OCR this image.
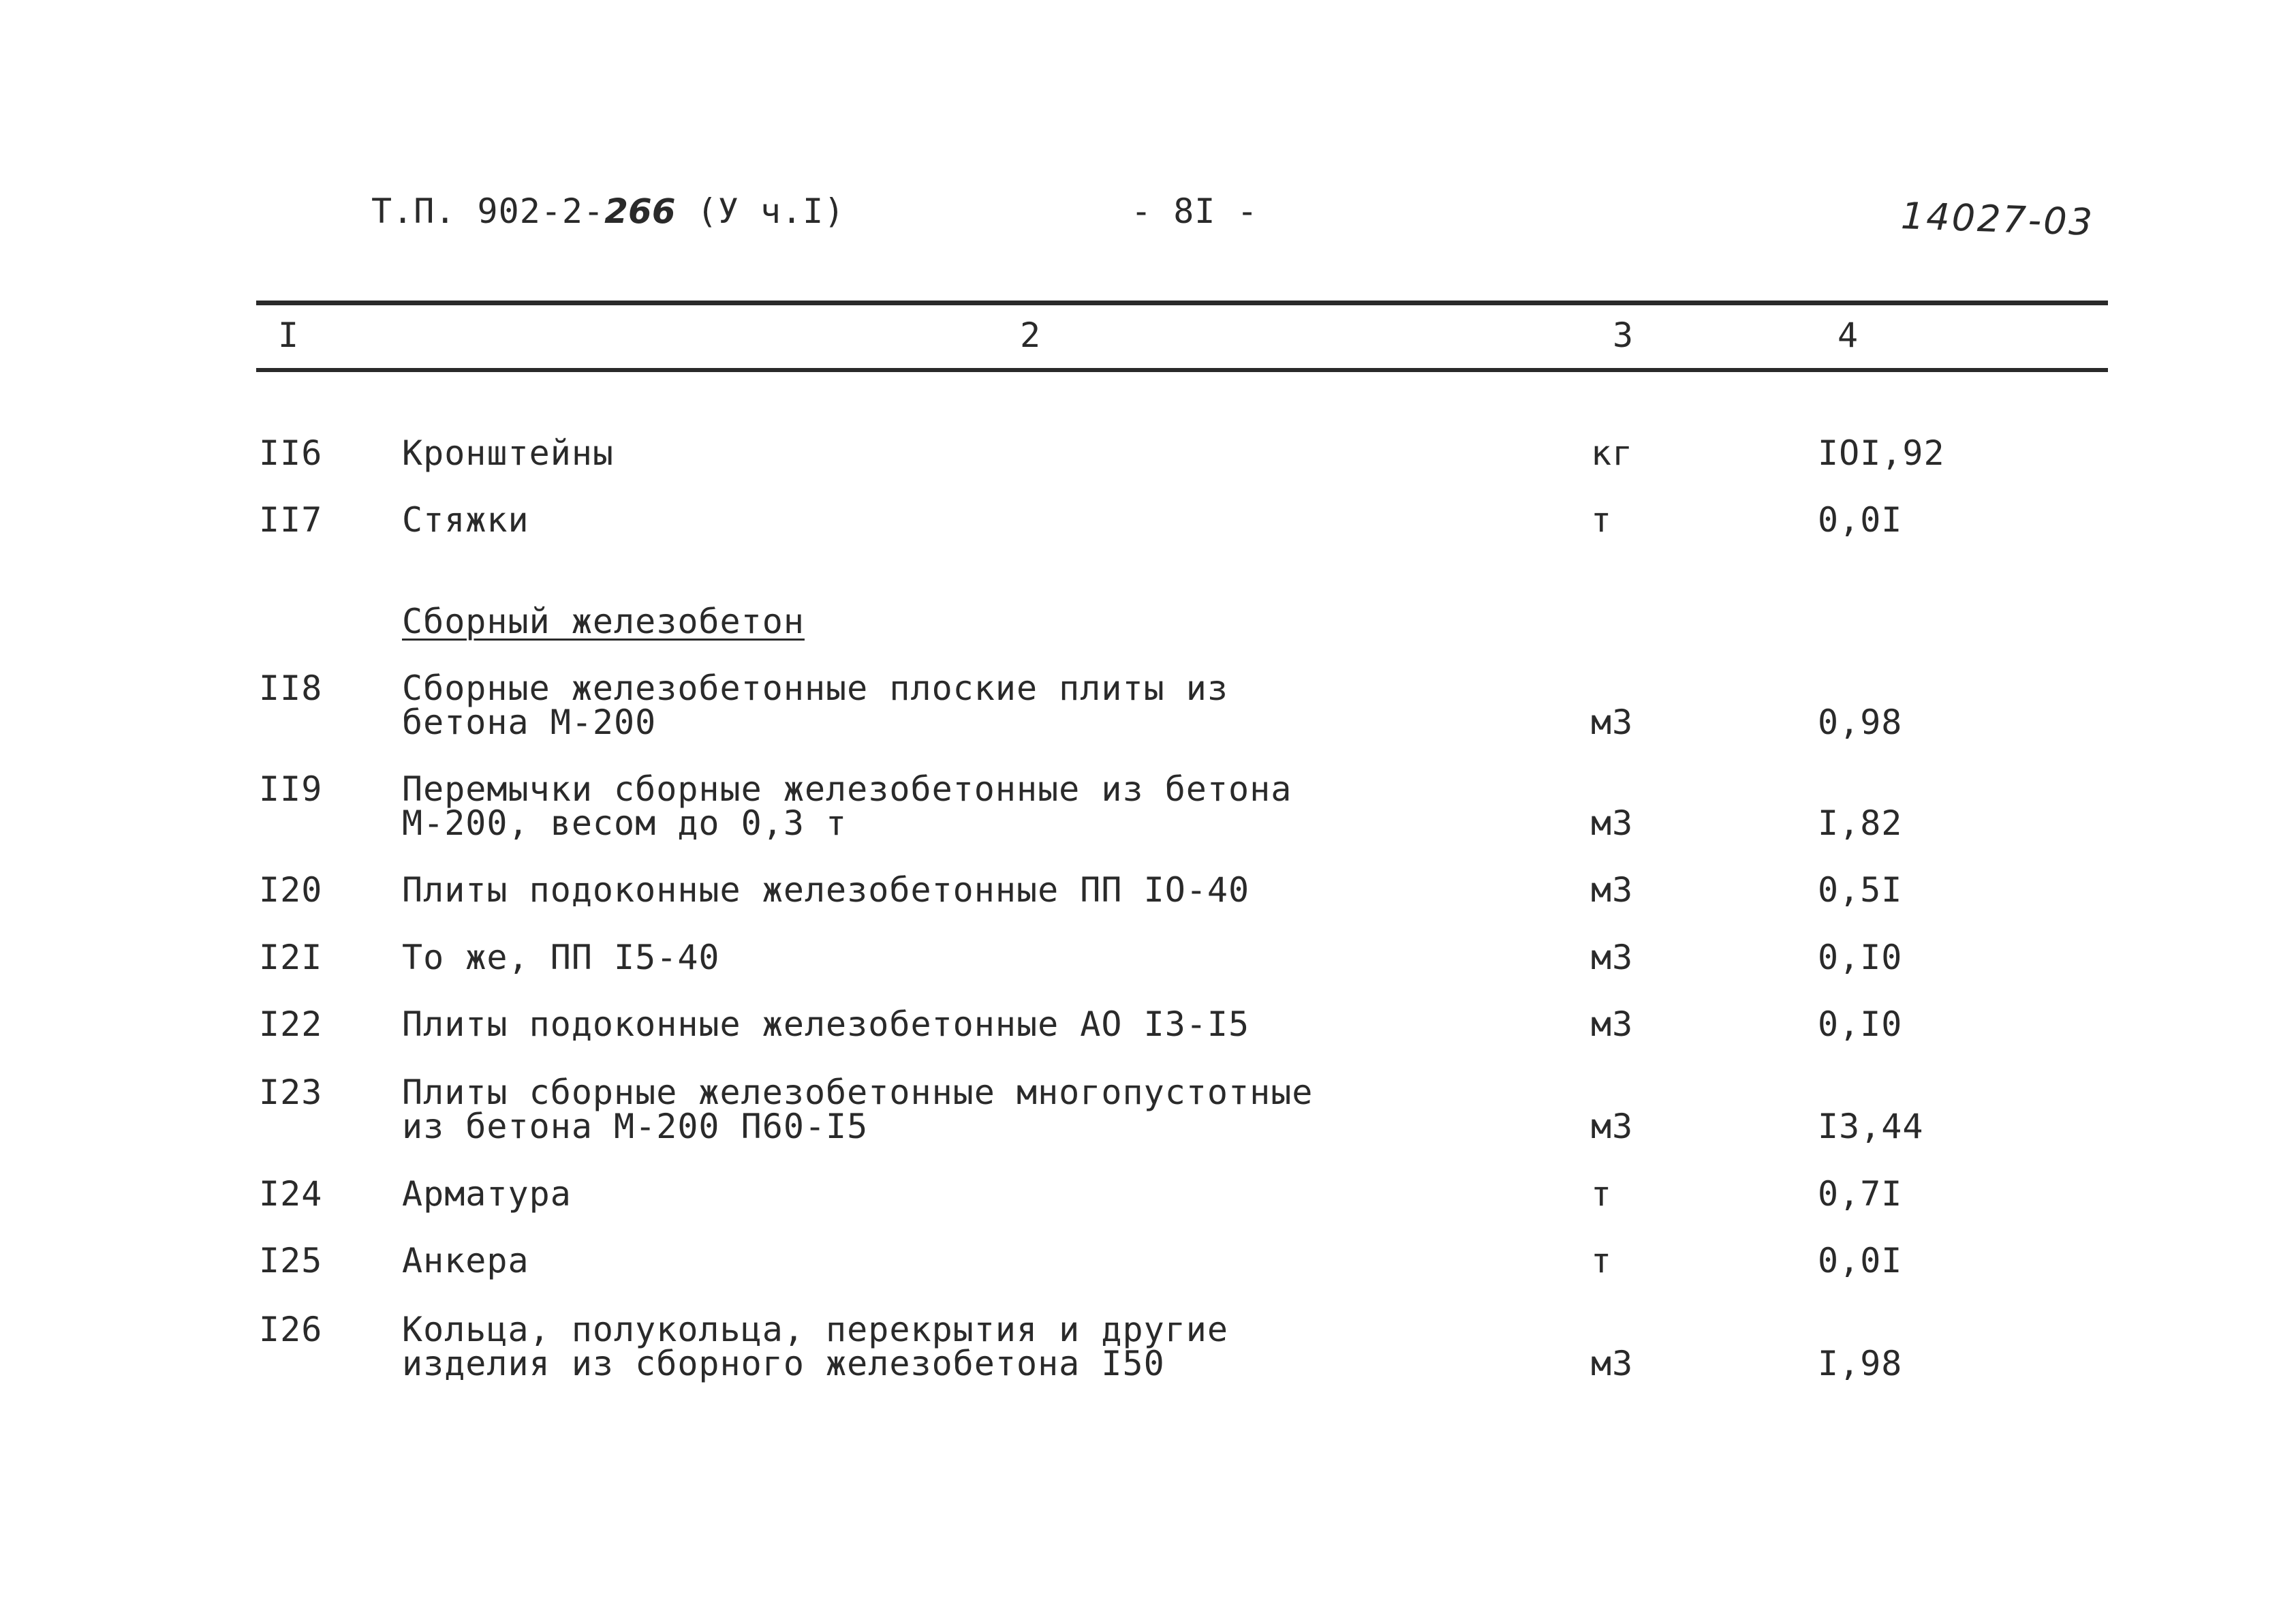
Т.П. 902-2-266 (У ч.I)	- 8I -	14027-03
I	2	3	4
II6 Кронштейны	кг	IOI,92
II7 Стяжки	т	0,0I
Сборный железобетон
II8 Сборные железобетонные плоские плиты из
бетона М-200	м3	0,98
II9 Перемычки сборные железобетонные из бетона
М-200, весом до 0,3 т	м3	I,82
I20 Плиты подоконные железобетонные ПП IO-40	м3	0,5I
I2I То же, ПП I5-40	м3	0,I0
I22 Плиты подоконные железобетонные АО I3-I5	м3	0,I0
I23 Плиты сборные железобетонные многопустотные
из бетона М-200 П60-I5	м3	I3,44
I24 Арматура	т	0,7I
I25 Анкера	т	0,0I
I26 Кольца, полукольца, перекрытия и другие
изделия из сборного железобетона I50	м3	I,98
